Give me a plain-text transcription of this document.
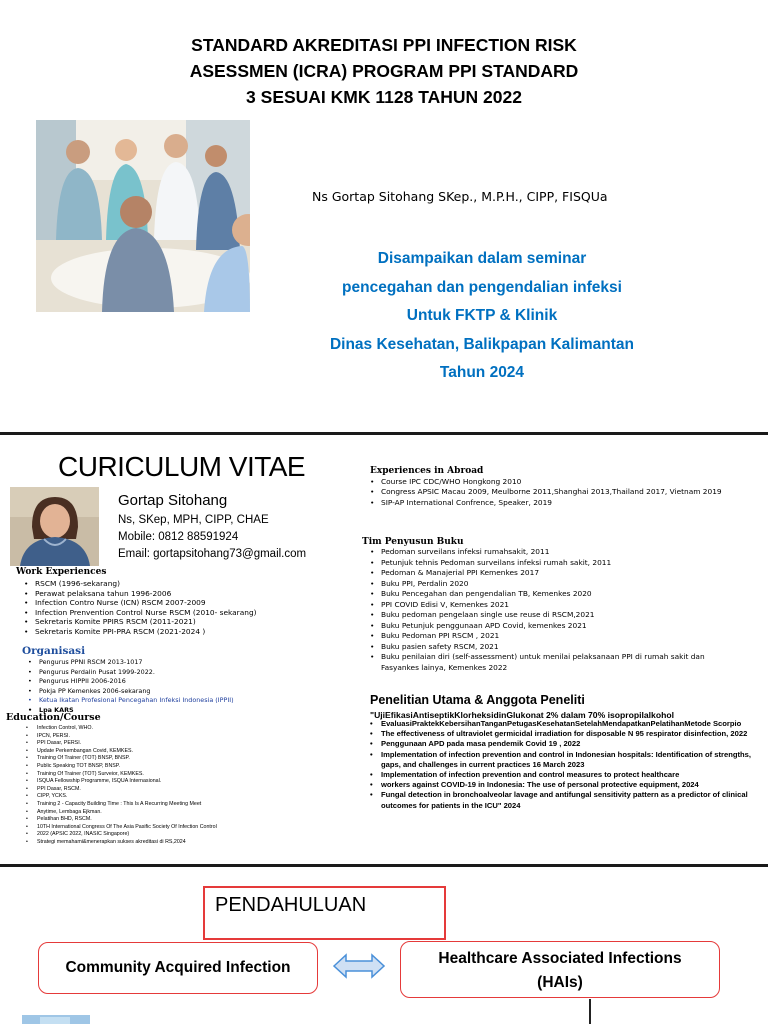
STANDARD AKREDITASI PPI INFECTION RISK
ASESSMEN (ICRA) PROGRAM PPI STANDARD
3 SESUAI KMK 1128 TAHUN 2022
Ns Gortap Sitohang SKep., M.P.H., CIPP, FISQUa
Disampaikan dalam seminar
pencegahan dan pengendalian infeksi
Untuk FKTP & Klinik
Dinas Kesehatan, Balikpapan Kalimantan
Tahun 2024
CURICULUM VITAE
Gortap Sitohang
Ns, SKep, MPH, CIPP, CHAE
Mobile: 0812 88591924
Email: gortapsitohang73@gmail.com
Work Experiences
• RSCM (1996-sekarang)
• Perawat pelaksana tahun 1996-2006
• Infection Contro Nurse (ICN) RSCM 2007-2009
• Infection Prenvention Control Nurse RSCM (2010- sekarang)
• Sekretaris Komite PPIRS RSCM (2011-2021)
• Sekretaris Komite PPI-PRA RSCM (2021-2024 )
Organisasi
• Pengurus PPNI RSCM 2013-1017
• Pengurus Perdalin Pusat 1999-2022.
• Pengurus HIPPII 2006-2016
• Pokja PP Kemenkes 2006-sekarang
• Ketua Ikatan Profesional Pencegahan Infeksi Indonesia (IPPII)
• Lpa KARS
Education/Course
• Infection Control, WHO.
• IPCN, PERSI.
• PPI Dasar, PERSI.
• Update Perkembangan Covid, KEMKES.
• Training Of Trainer (TOT) BNSP, BNSP.
• Public Speaking TOT BNSP, BNSP.
• Training Of Trainer (TOT) Surveior, KEMKES.
• ISQUA Fellowship Programme, ISQUA Internasional.
• PPI Dasar, RSCM.
• CIPP, YCKS.
• Training 2 - Capacity Building Time : This Is A Recurring Meeting Meet
• Anytime, Lembaga Ejkman.
• Pelatihan BHD, RSCM.
• 10TH International Congress Of The Asia Pasific Society Of Infection Control
• 2022 (APSIC 2022, INASIC Singapore)
• Strategi memahami&menerapkan sukses akreditasi di RS,2024
Experiences in Abroad
• Course IPC CDC/WHO Hongkong 2010
• Congress APSIC Macau 2009, Meulborne 2011,Shanghai 2013,Thailand 2017, Vietnam 2019
• SIP-AP International Confrence, Speaker, 2019
Tim Penyusun Buku
• Pedoman surveilans infeksi rumahsakit, 2011
• Petunjuk tehnis Pedoman surveilans infeksi rumah sakit, 2011
• Pedoman & Manajerial PPI Kemenkes 2017
• Buku PPI, Perdalin 2020
• Buku Pencegahan dan pengendalian TB, Kemenkes 2020
• PPI COVID Edisi V, Kemenkes 2021
• Buku pedoman pengelaan single use reuse di RSCM,2021
• Buku Petunjuk penggunaan APD Covid, kemenkes 2021
• Buku Pedoman PPI RSCM , 2021
• Buku pasien safety RSCM, 2021
• Buku penilaian diri (self-assessment) untuk menilai pelaksanaan PPI di rumah sakit dan Fasyankes lainya, Kemenkes 2022
Penelitian Utama & Anggota Peneliti
"UjiEfikasiAntiseptikKlorheksidinGlukonat 2% dalam 70% isopropilalkohol
• EvaluasiPraktekKebersihanTanganPetugasKesehatanSetelahMendapatkanPelatihanMetode Scorpio
• The effectiveness of ultraviolet germicidal irradiation for disposable N 95 respirator disinfection, 2022
• Penggunaan APD pada masa pendemik Covid 19 , 2022
• Implementation of infection prevention and control in Indonesian hospitals: Identification of strengths, gaps, and challenges in current practices 16 March 2023
• Implementation of infection prevention and control measures to protect healthcare
• workers against COVID-19 in Indonesia: The use of personal protective equipment, 2024
• Fungal detection in bronchoalveolar lavage and antifungal sensitivity pattern as a predictor of clinical outcomes for patients in the ICU" 2024
PENDAHULUAN
Community Acquired Infection
Healthcare Associated Infections
(HAIs)
